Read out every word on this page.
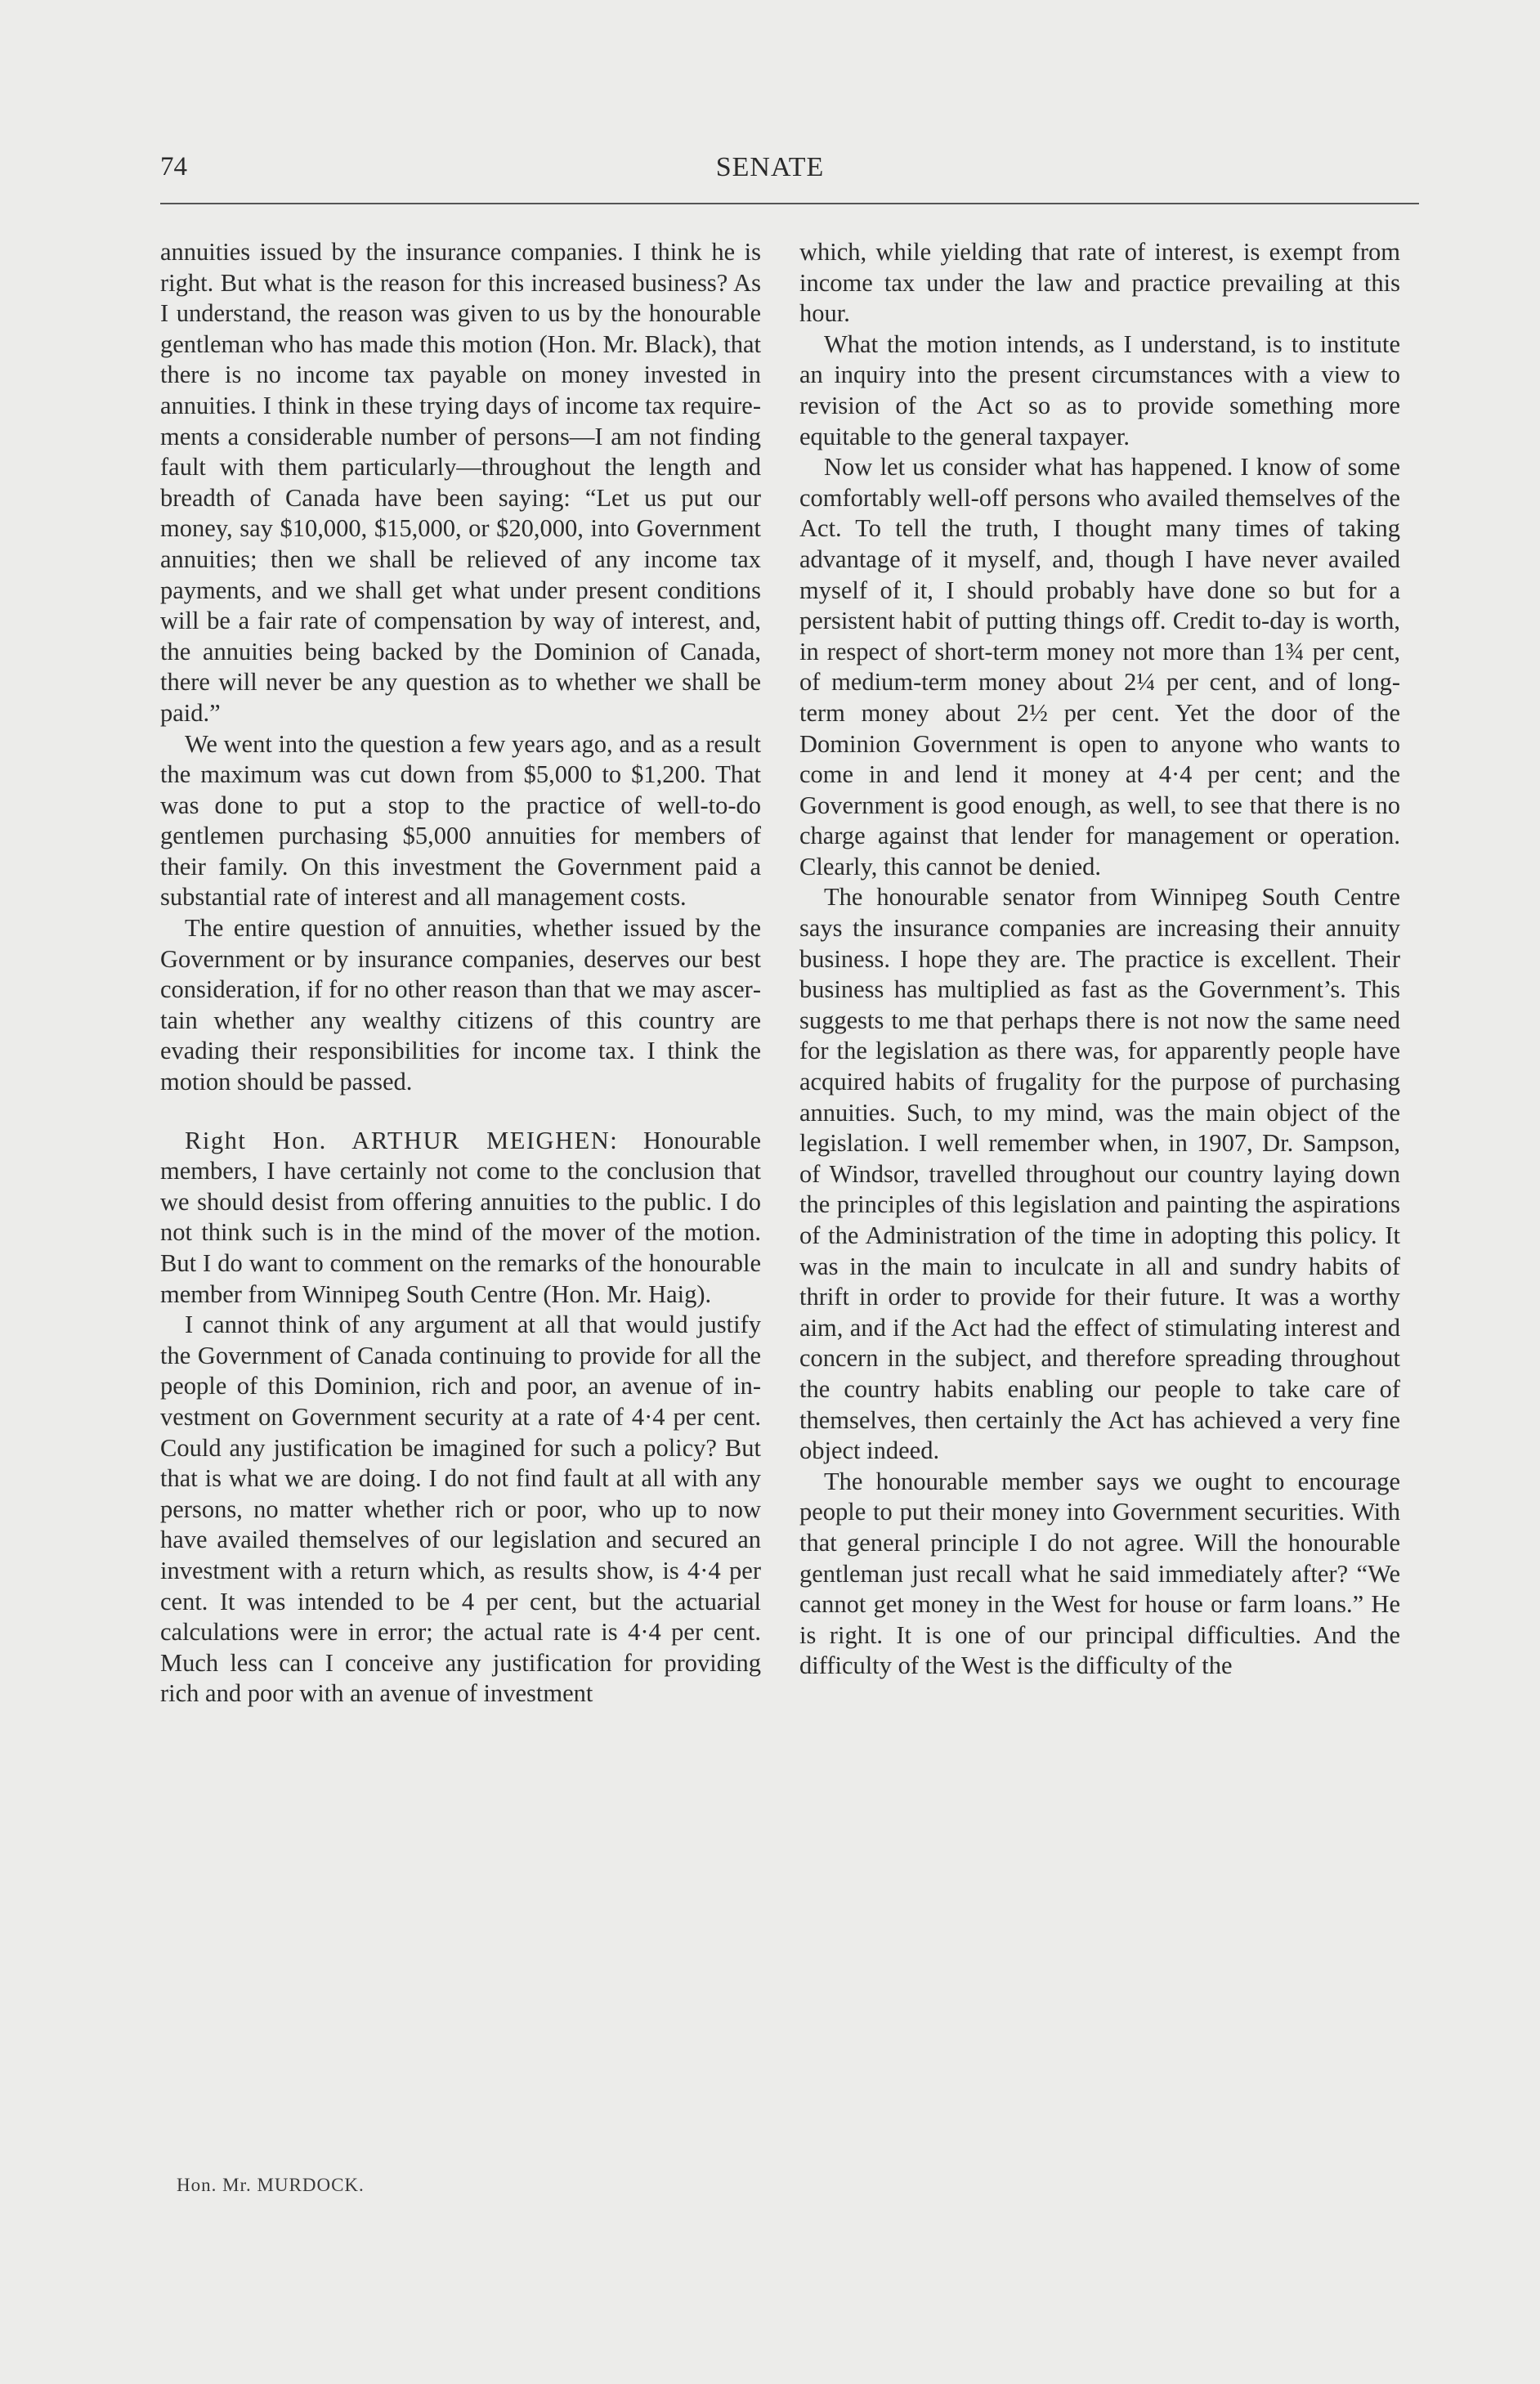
74	SENATE

annuities issued by the insurance companies. I think he is right. But what is the reason for this increased business? As I understand, the reason was given to us by the honourable gentleman who has made this motion (Hon. Mr. Black), that there is no income tax payable on money invested in annuities. I think in these trying days of income tax requirements a considerable number of persons—I am not finding fault with them particularly—throughout the length and breadth of Canada have been saying: “Let us put our money, say $10,000, $15,000, or $20,000, into Government annuities; then we shall be relieved of any income tax payments, and we shall get what under present conditions will be a fair rate of compensation by way of interest, and, the annuities being backed by the Dominion of Canada, there will never be any question as to whether we shall be paid.”

We went into the question a few years ago, and as a result the maximum was cut down from $5,000 to $1,200. That was done to put a stop to the practice of well-to-do gentlemen purchasing $5,000 annuities for members of their family. On this investment the Government paid a substantial rate of interest and all management costs.

The entire question of annuities, whether issued by the Government or by insurance companies, deserves our best consideration, if for no other reason than that we may ascertain whether any wealthy citizens of this country are evading their responsibilities for income tax. I think the motion should be passed.

Right Hon. ARTHUR MEIGHEN: Honourable members, I have certainly not come to the conclusion that we should desist from offering annuities to the public. I do not think such is in the mind of the mover of the motion. But I do want to comment on the remarks of the honourable member from Winnipeg South Centre (Hon. Mr. Haig).

I cannot think of any argument at all that would justify the Government of Canada continuing to provide for all the people of this Dominion, rich and poor, an avenue of investment on Government security at a rate of 4·4 per cent. Could any justification be imagined for such a policy? But that is what we are doing. I do not find fault at all with any persons, no matter whether rich or poor, who up to now have availed themselves of our legislation and secured an investment with a return which, as results show, is 4·4 per cent. It was intended to be 4 per cent, but the actuarial calculations were in error; the actual rate is 4·4 per cent. Much less can I conceive any justification for providing rich and poor with an avenue of investment

which, while yielding that rate of interest, is exempt from income tax under the law and practice prevailing at this hour.

What the motion intends, as I understand, is to institute an inquiry into the present circumstances with a view to revision of the Act so as to provide something more equitable to the general taxpayer.

Now let us consider what has happened. I know of some comfortably well-off persons who availed themselves of the Act. To tell the truth, I thought many times of taking advantage of it myself, and, though I have never availed myself of it, I should probably have done so but for a persistent habit of putting things off. Credit to-day is worth, in respect of short-term money not more than 1¾ per cent, of medium-term money about 2¼ per cent, and of long-term money about 2½ per cent. Yet the door of the Dominion Government is open to anyone who wants to come in and lend it money at 4·4 per cent; and the Government is good enough, as well, to see that there is no charge against that lender for management or operation. Clearly, this cannot be denied.

The honourable senator from Winnipeg South Centre says the insurance companies are increasing their annuity business. I hope they are. The practice is excellent. Their business has multiplied as fast as the Government’s. This suggests to me that perhaps there is not now the same need for the legislation as there was, for apparently people have acquired habits of frugality for the purpose of purchasing annuities. Such, to my mind, was the main object of the legislation. I well remember when, in 1907, Dr. Sampson, of Windsor, travelled throughout our country laying down the principles of this legislation and painting the aspirations of the Administration of the time in adopting this policy. It was in the main to inculcate in all and sundry habits of thrift in order to provide for their future. It was a worthy aim, and if the Act had the effect of stimulating interest and concern in the subject, and therefore spreading throughout the country habits enabling our people to take care of themselves, then certainly the Act has achieved a very fine object indeed.

The honourable member says we ought to encourage people to put their money into Government securities. With that general principle I do not agree. Will the honourable gentleman just recall what he said immediately after? “We cannot get money in the West for house or farm loans.” He is right. It is one of our principal difficulties. And the difficulty of the West is the difficulty of the

Hon. Mr. MURDOCK.
